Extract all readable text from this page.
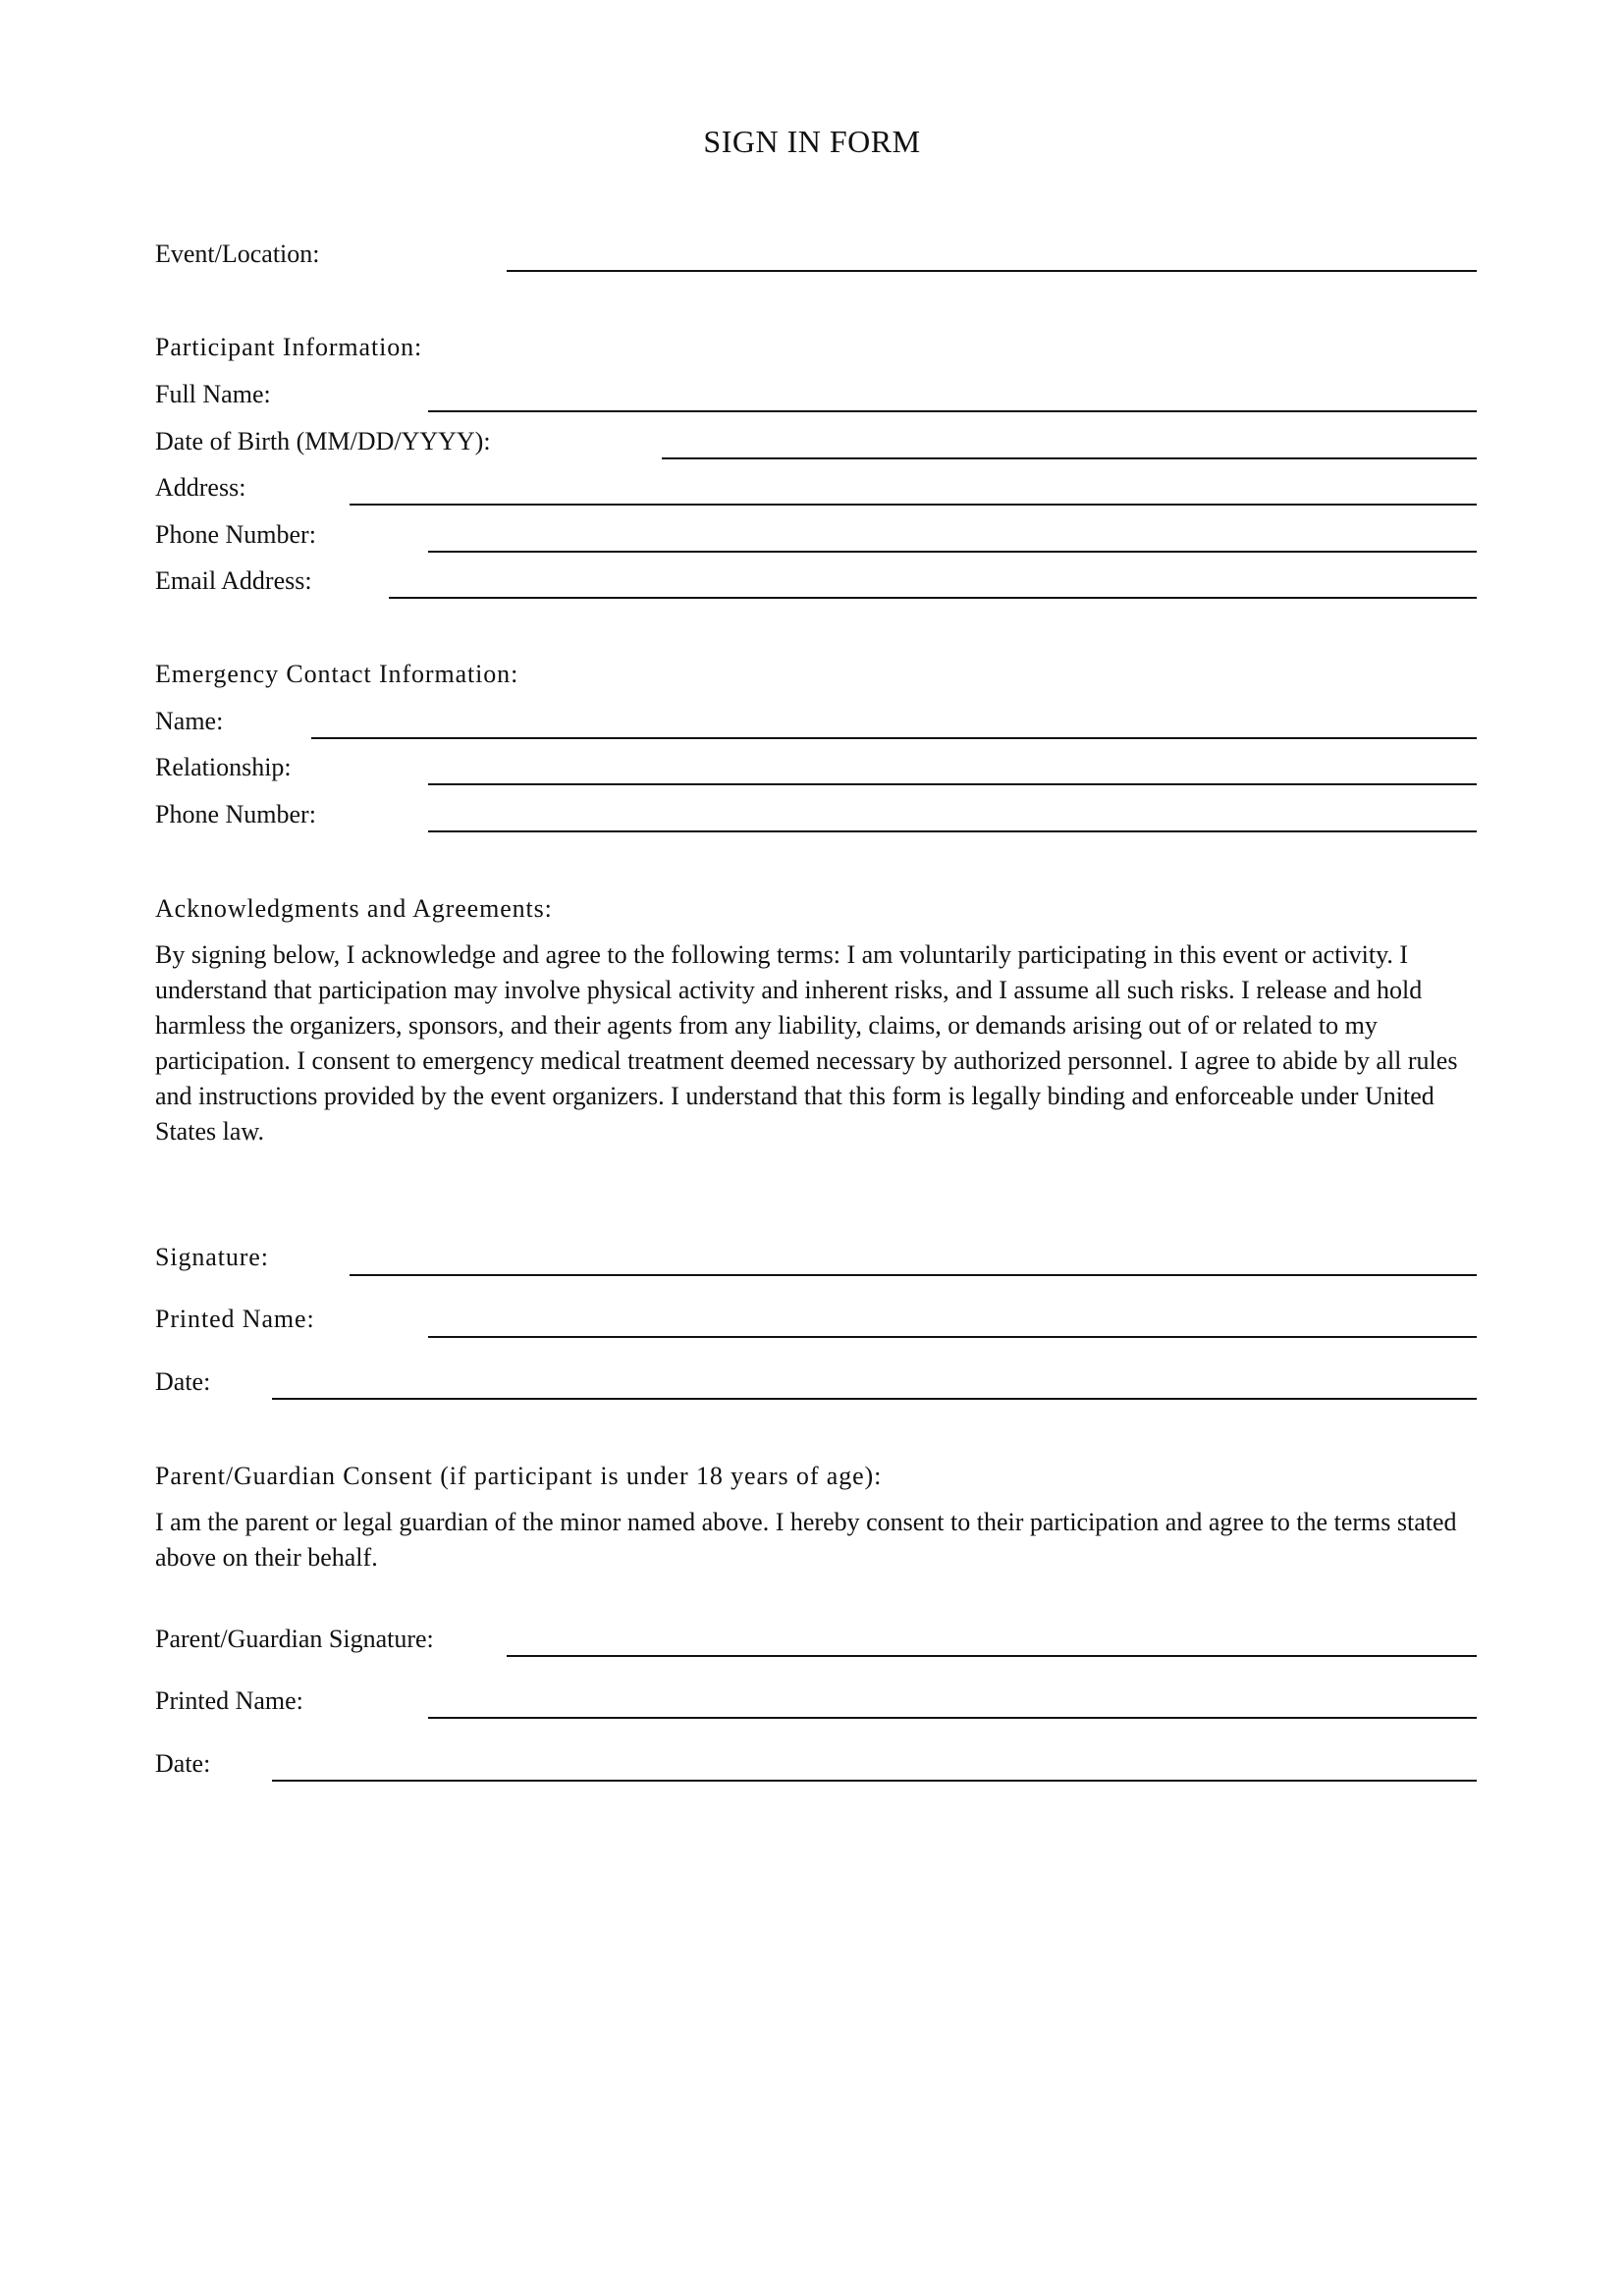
SIGN IN FORM
Event/Location:
Participant Information:
Full Name:
Date of Birth (MM/DD/YYYY):
Address:
Phone Number:
Email Address:
Emergency Contact Information:
Name:
Relationship:
Phone Number:
Acknowledgments and Agreements:
By signing below, I acknowledge and agree to the following terms: I am voluntarily participating in this event or activity. I understand that participation may involve physical activity and inherent risks, and I assume all such risks. I release and hold harmless the organizers, sponsors, and their agents from any liability, claims, or demands arising out of or related to my participation. I consent to emergency medical treatment deemed necessary by authorized personnel. I agree to abide by all rules and instructions provided by the event organizers. I understand that this form is legally binding and enforceable under United States law.
Signature:
Printed Name:
Date:
Parent/Guardian Consent (if participant is under 18 years of age):
I am the parent or legal guardian of the minor named above. I hereby consent to their participation and agree to the terms stated above on their behalf.
Parent/Guardian Signature:
Printed Name:
Date:
